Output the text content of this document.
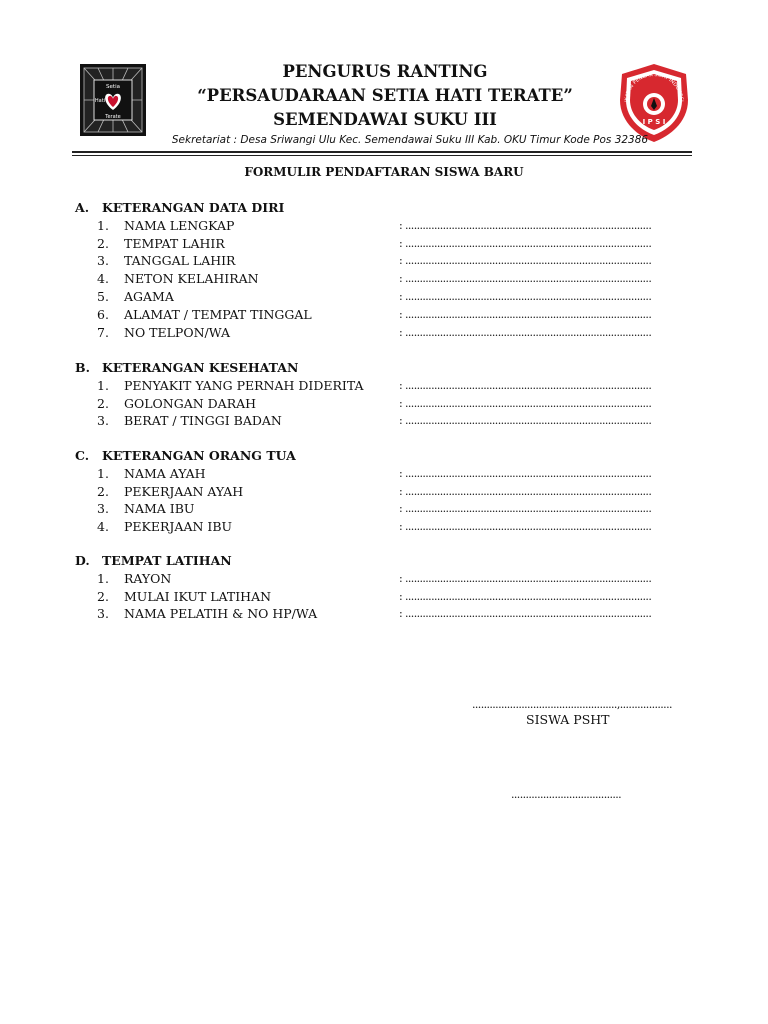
Setia
Hati
Terate
IKATAN PENCAK SILAT INDONESI
I P S I
PENGURUS RANTING
“PERSAUDARAAN SETIA HATI TERATE”
SEMENDAWAI SUKU III
Sekretariat : Desa Sriwangi Ulu Kec. Semendawai Suku III Kab. OKU Timur Kode Pos 32386
FORMULIR PENDAFTARAN SISWA BARU
A. KETERANGAN DATA DIRI
1. NAMA LENGKAP	: .....................................................................................
2. TEMPAT LAHIR	: .....................................................................................
3. TANGGAL LAHIR	: .....................................................................................
4. NETON KELAHIRAN	: .....................................................................................
5. AGAMA	: .....................................................................................
6. ALAMAT / TEMPAT TINGGAL	: .....................................................................................
7. NO TELPON/WA	: .....................................................................................
B. KETERANGAN KESEHATAN
1. PENYAKIT YANG PERNAH DIDERITA	: .....................................................................................
2. GOLONGAN DARAH	: .....................................................................................
3. BERAT / TINGGI BADAN	: .....................................................................................
C. KETERANGAN ORANG TUA
1. NAMA AYAH	: .....................................................................................
2. PEKERJAAN AYAH	: .....................................................................................
3. NAMA IBU	: .....................................................................................
4. PEKERJAAN IBU	: .....................................................................................
D. TEMPAT LATIHAN
1. RAYON	: .....................................................................................
2. MULAI IKUT LATIHAN	: .....................................................................................
3. NAMA PELATIH & NO HP/WA	: .....................................................................................
..................................................,..................
SISWA PSHT
......................................
